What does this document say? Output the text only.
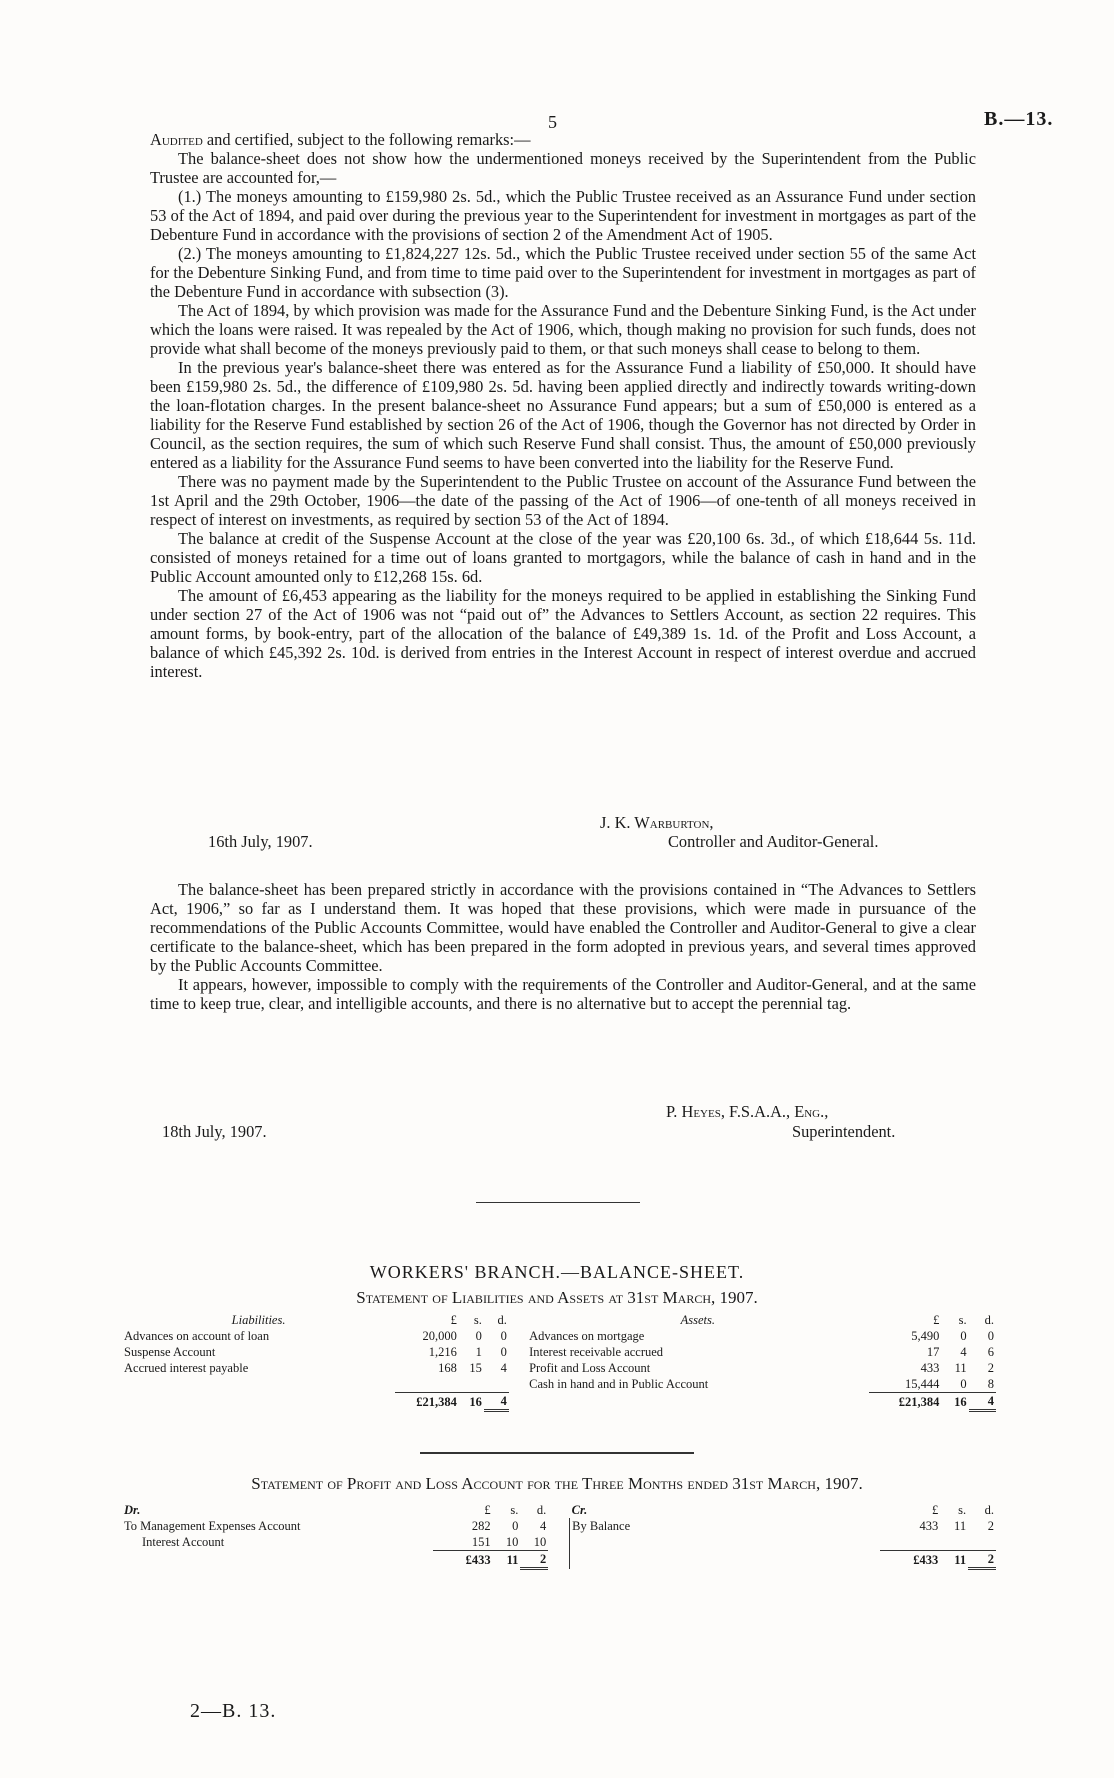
5	B.—13.

Audited and certified, subject to the following remarks:—

The balance-sheet does not show how the undermentioned moneys received by the Superintendent from the Public Trustee are accounted for,—

(1.) The moneys amounting to £159,980 2s. 5d., which the Public Trustee received as an Assurance Fund under section 53 of the Act of 1894, and paid over during the previous year to the Superintendent for investment in mortgages as part of the Debenture Fund in accordance with the provisions of section 2 of the Amendment Act of 1905.

(2.) The moneys amounting to £1,824,227 12s. 5d., which the Public Trustee received under section 55 of the same Act for the Debenture Sinking Fund, and from time to time paid over to the Superintendent for investment in mortgages as part of the Debenture Fund in accordance with subsection (3).

The Act of 1894, by which provision was made for the Assurance Fund and the Debenture Sinking Fund, is the Act under which the loans were raised. It was repealed by the Act of 1906, which, though making no provision for such funds, does not provide what shall become of the moneys previously paid to them, or that such moneys shall cease to belong to them.

In the previous year's balance-sheet there was entered as for the Assurance Fund a liability of £50,000. It should have been £159,980 2s. 5d., the difference of £109,980 2s. 5d. having been applied directly and indirectly towards writing-down the loan-flotation charges. In the present balance-sheet no Assurance Fund appears; but a sum of £50,000 is entered as a liability for the Reserve Fund established by section 26 of the Act of 1906, though the Governor has not directed by Order in Council, as the section requires, the sum of which such Reserve Fund shall consist. Thus, the amount of £50,000 previously entered as a liability for the Assurance Fund seems to have been converted into the liability for the Reserve Fund.

There was no payment made by the Superintendent to the Public Trustee on account of the Assurance Fund between the 1st April and the 29th October, 1906—the date of the passing of the Act of 1906—of one-tenth of all moneys received in respect of interest on investments, as required by section 53 of the Act of 1894.

The balance at credit of the Suspense Account at the close of the year was £20,100 6s. 3d., of which £18,644 5s. 11d. consisted of moneys retained for a time out of loans granted to mortgagors, while the balance of cash in hand and in the Public Account amounted only to £12,268 15s. 6d.

The amount of £6,453 appearing as the liability for the moneys required to be applied in establishing the Sinking Fund under section 27 of the Act of 1906 was not “paid out of” the Advances to Settlers Account, as section 22 requires. This amount forms, by book-entry, part of the allocation of the balance of £49,389 1s. 1d. of the Profit and Loss Account, a balance of which £45,392 2s. 10d. is derived from entries in the Interest Account in respect of interest overdue and accrued interest.

J. K. Warburton,
16th July, 1907.	Controller and Auditor-General.

The balance-sheet has been prepared strictly in accordance with the provisions contained in “The Advances to Settlers Act, 1906,” so far as I understand them. It was hoped that these provisions, which were made in pursuance of the recommendations of the Public Accounts Committee, would have enabled the Controller and Auditor-General to give a clear certificate to the balance-sheet, which has been prepared in the form adopted in previous years, and several times approved by the Public Accounts Committee.

It appears, however, impossible to comply with the requirements of the Controller and Auditor-General, and at the same time to keep true, clear, and intelligible accounts, and there is no alternative but to accept the perennial tag.

P. Heyes, F.S.A.A., Eng.,
18th July, 1907.	Superintendent.
WORKERS' BRANCH.—BALANCE-SHEET.
Statement of Liabilities and Assets at 31st March, 1907.
Liabilities.	£	s.	d.		Assets.	£	s.	d.
Advances on account of loan	20,000	0	0		Advances on mortgage	5,490	0	0
Suspense Account	1,216	1	0		Interest receivable accrued	17	4	6
Accrued interest payable	168	15	4		Profit and Loss Account	433	11	2
					Cash in hand and in Public Account	15,444	0	8
	£21,384	16	4			£21,384	16	4
Statement of Profit and Loss Account for the Three Months ended 31st March, 1907.
Dr.	£	s.	d.		Cr.	£	s.	d.
To Management Expenses Account	282	0	4		By Balance	433	11	2
Interest Account	151	10	10					
	£433	11	2			£433	11	2
2—B. 13.
